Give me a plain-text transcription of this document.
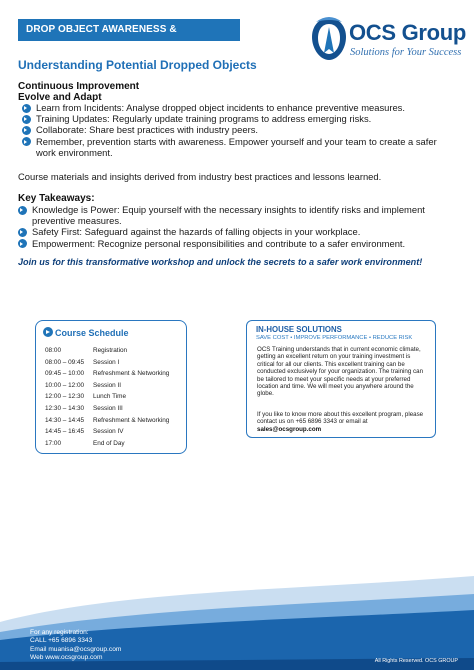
DROP OBJECT AWARENESS & PREVENTION
OCS Group
Solutions for Your Success
Understanding Potential Dropped Objects
Continuous Improvement
Evolve and Adapt
Learn from Incidents: Analyse dropped object incidents to enhance preventive measures.
Training Updates: Regularly update training programs to address emerging risks.
Collaborate: Share best practices with industry peers.
Remember, prevention starts with awareness. Empower yourself and your team to create a safer work environment.
Course materials and insights derived from industry best practices and lessons learned.
Key Takeaways:
Knowledge is Power: Equip yourself with the necessary insights to identify risks and implement preventive measures.
Safety First: Safeguard against the hazards of falling objects in your workplace.
Empowerment: Recognize personal responsibilities and contribute to a safer environment.
Join us for this transformative workshop and unlock the secrets to a safer work environment!
Course Schedule
08:00	Registration
08:00 – 09:45 Session I
09:45 – 10:00 Refreshment & Networking
10:00 – 12:00 Session II
12:00 – 12:30 Lunch Time
12:30 – 14:30 Session III
14:30 – 14:45 Refreshment & Networking
14:45 – 16:45 Session IV
17:00	End of Day
IN-HOUSE SOLUTIONS
SAVE COST • IMPROVE PERFORMANCE • REDUCE RISK
OCS Training understands that in current economic climate, getting an excellent return on your training investment is critical for all our clients. This excellent training can be conducted exclusively for your organization. The training can be tailored to meet your specific needs at your preferred location and time. We will meet you anywhere around the globe.
If you like to know more about this excellent program, please contact us on +65 6896 3343 or email at
sales@ocsgroup.com
For any registration:
CALL +65 6896 3343
Email muanisa@ocsgroup.com
Web www.ocsgroup.com
All Rights Reserved. OCS GROUP
